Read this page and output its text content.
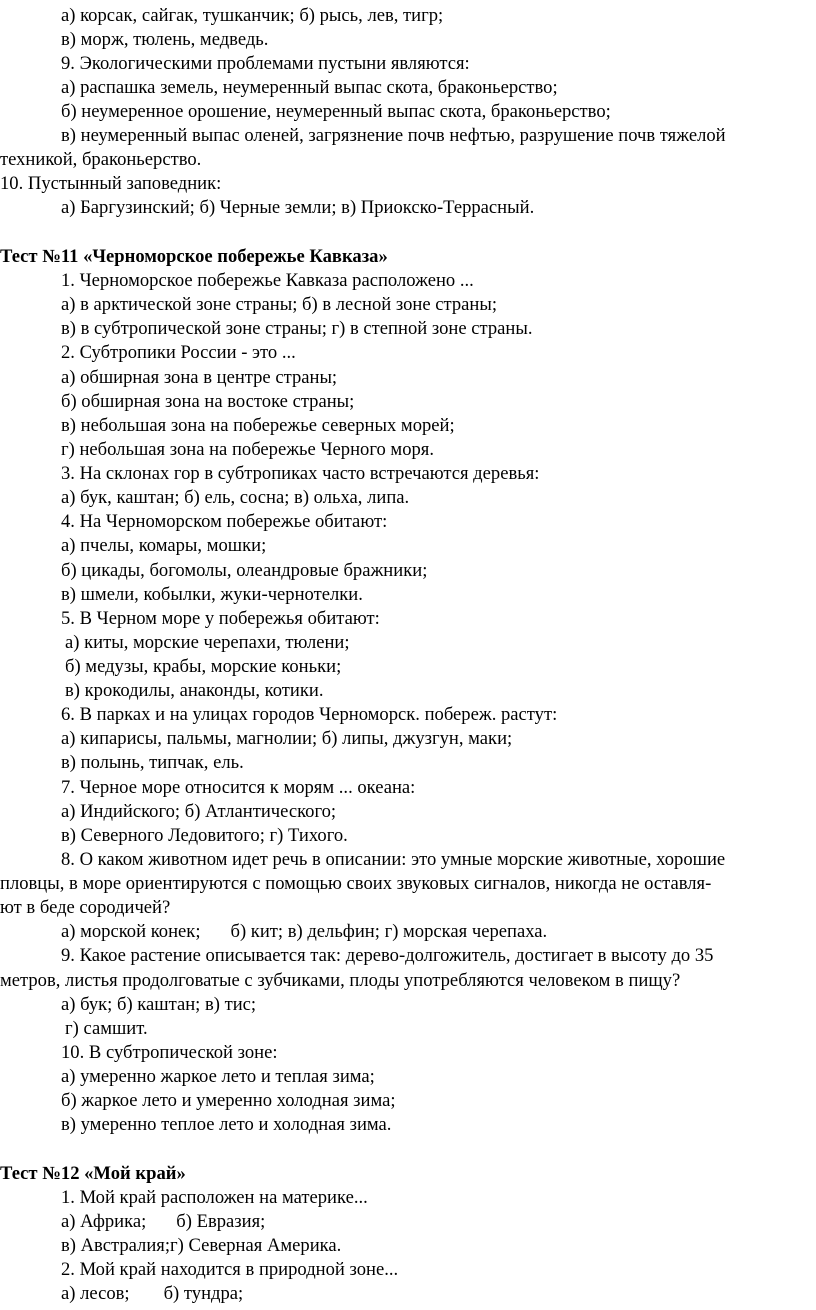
а) корсак, сайгак, тушканчик; б) рысь, лев, тигр;
в) морж, тюлень, медведь.
9. Экологическими проблемами пустыни являются:
а) распашка земель, неумеренный выпас скота, браконьерство;
б) неумеренное орошение, неумеренный выпас скота, браконьерство;
в) неумеренный выпас оленей, загрязнение почв нефтью, разрушение почв тяжелой
техникой, браконьерство.
10. Пустынный заповедник:
а) Баргузинский; б) Черные земли; в) Приокско-Террасный.
Тест №11 «Черноморское побережье Кавказа»
1. Черноморское побережье Кавказа расположено ...
а) в арктической зоне страны; б) в лесной зоне страны;
в) в субтропической зоне страны; г) в степной зоне страны.
2. Субтропики России - это ...
а) обширная зона в центре страны;
б) обширная зона на востоке страны;
в) небольшая зона на побережье северных морей;
г) небольшая зона на побережье Черного моря.
3. На склонах гор в субтропиках часто встречаются деревья:
а) бук, каштан; б) ель, сосна; в) ольха, липа.
4. На Черноморском побережье обитают:
а) пчелы, комары, мошки;
б) цикады, богомолы, олеандровые бражники;
в) шмели, кобылки, жуки-чернотелки.
5. В Черном море у побережья обитают:
а) киты, морские черепахи, тюлени;
б) медузы, крабы, морские коньки;
в) крокодилы, анаконды, котики.
6. В парках и на улицах городов Черноморск. побереж. растут:
а) кипарисы, пальмы, магнолии; б) липы, джузгун, маки;
в) полынь, типчак, ель.
7. Черное море относится к морям ... океана:
а) Индийского; б) Атлантического;
в) Северного Ледовитого; г) Тихого.
8. О каком животном идет речь в описании: это умные морские животные, хорошие
пловцы, в море ориентируются с помощью своих звуковых сигналов, никогда не оставля-
ют в беде сородичей?
а) морской конек; б) кит; в) дельфин; г) морская черепаха.
9. Какое растение описывается так: дерево-долгожитель, достигает в высоту до 35
метров, листья продолговатые с зубчиками, плоды употребляются человеком в пищу?
а) бук; б) каштан; в) тис;
г) самшит.
10. В субтропической зоне:
а) умеренно жаркое лето и теплая зима;
б) жаркое лето и умеренно холодная зима;
в) умеренно теплое лето и холодная зима.
Тест №12 «Мой край»
1. Мой край расположен на материке...
а) Африка; б) Евразия;
в) Австралия;г) Северная Америка.
2. Мой край находится в природной зоне...
а) лесов; б) тундра;
